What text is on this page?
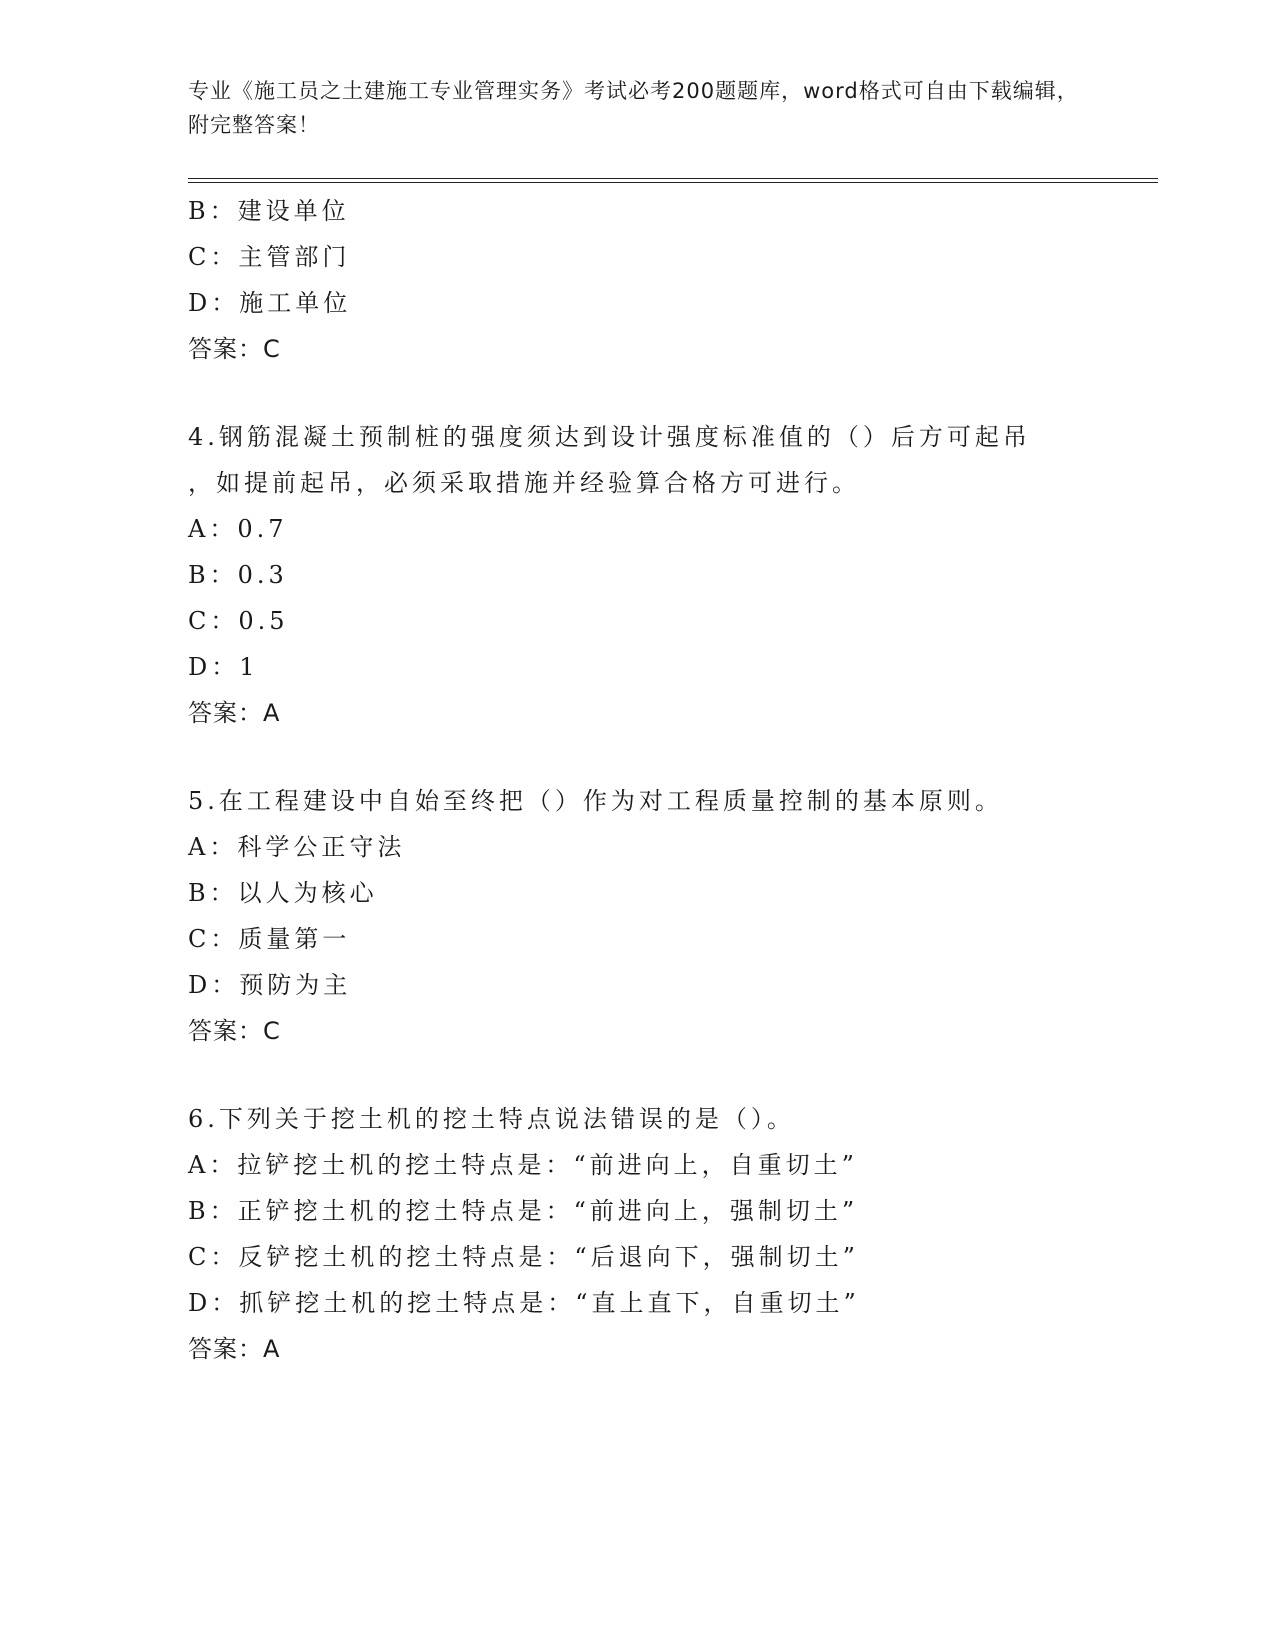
专业《施工员之土建施工专业管理实务》考试必考200题题库，word格式可自由下载编辑，附完整答案！
B：建设单位
C：主管部门
D：施工单位
答案：C
4.钢筋混凝土预制桩的强度须达到设计强度标准值的（）后方可起吊
，如提前起吊，必须采取措施并经验算合格方可进行。
A：0.7
B：0.3
C：0.5
D：1
答案：A
5.在工程建设中自始至终把（）作为对工程质量控制的基本原则。
A：科学公正守法
B：以人为核心
C：质量第一
D：预防为主
答案：C
6.下列关于挖土机的挖土特点说法错误的是（）。
A：拉铲挖土机的挖土特点是：“前进向上，自重切土”
B：正铲挖土机的挖土特点是：“前进向上，强制切土”
C：反铲挖土机的挖土特点是：“后退向下，强制切土”
D：抓铲挖土机的挖土特点是：“直上直下，自重切土”
答案：A
